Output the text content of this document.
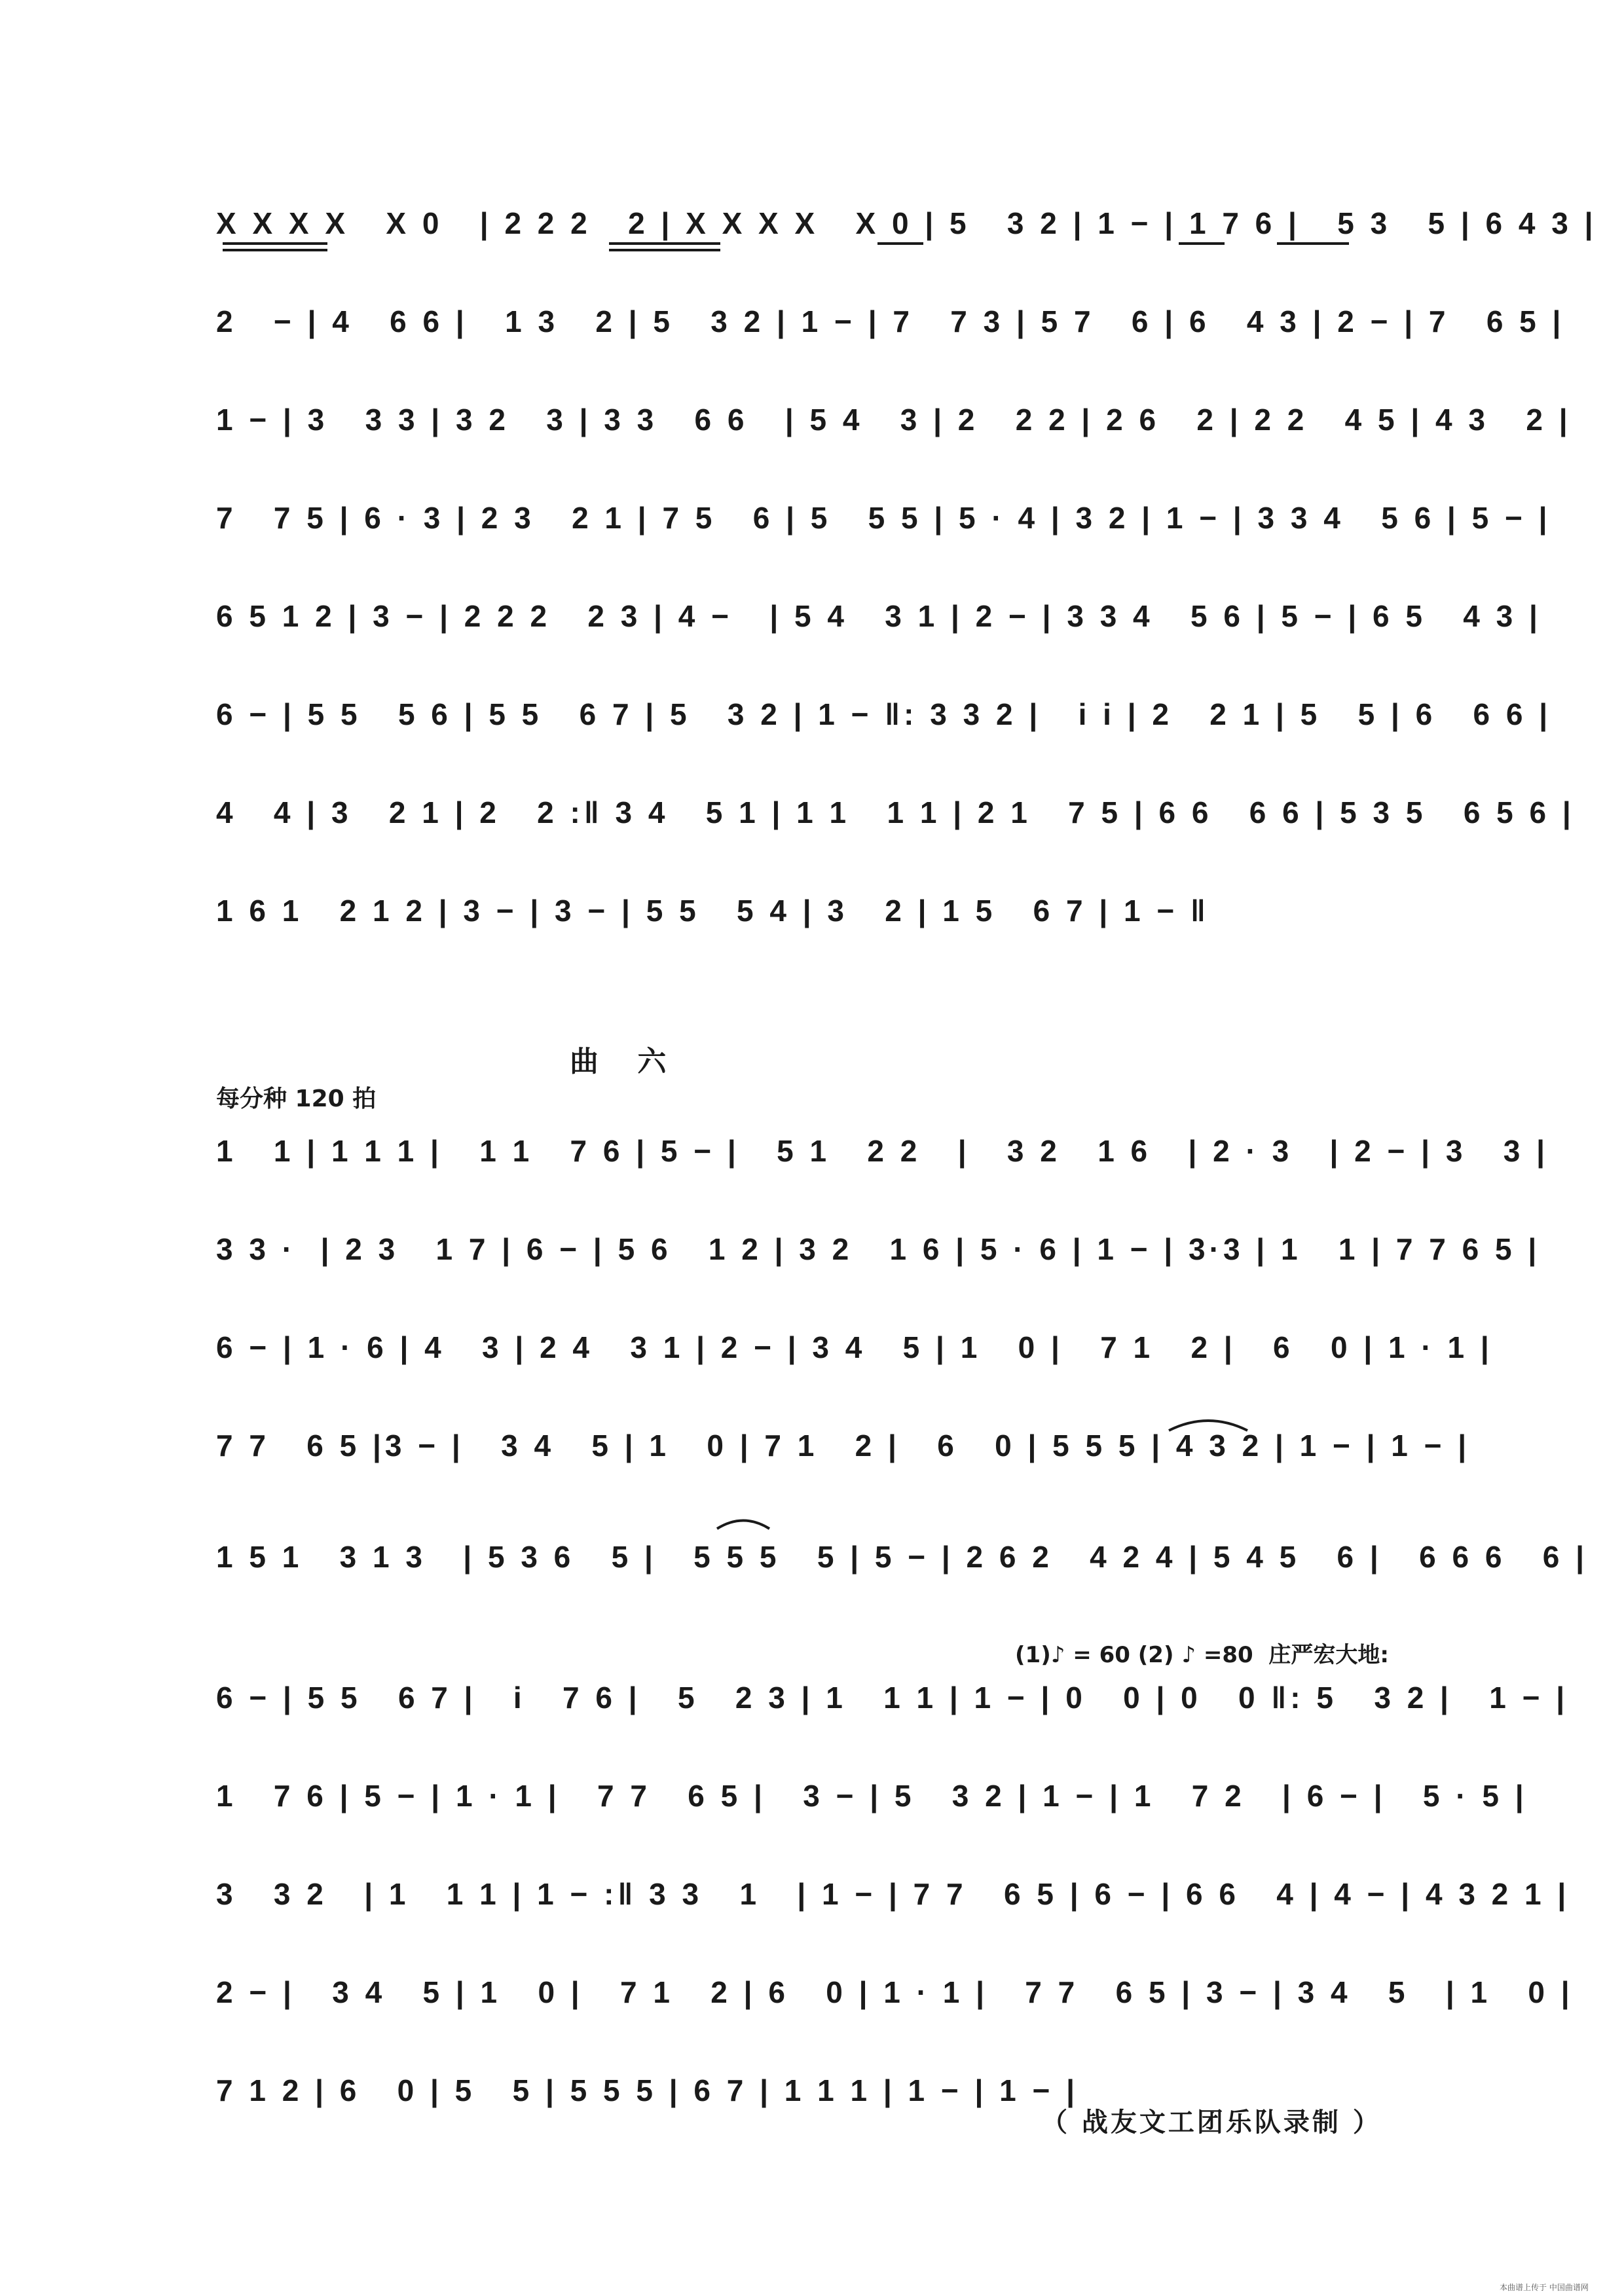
X X X X   X 0   | 2 2 2   2 | X X X X   X 0 | 5   3 2 | 1 − | 1 7 6 |   5 3   5 | 6 4 3 |
2   − | 4   6 6 |   1 3   2 | 5   3 2 | 1 − | 7   7 3 | 5 7   6 | 6   4 3 | 2 − | 7   6 5 |
1 − | 3   3 3 | 3 2   3 | 3 3   6 6   | 5 4   3 | 2   2 2 | 2 6   2 | 2 2   4 5 | 4 3   2 |
7   7 5 | 6 · 3 | 2 3   2 1 | 7 5   6 | 5   5 5 | 5 · 4 | 3 2 | 1 − | 3 3 4   5 6 | 5 − |
6 5 1 2 | 3 − | 2 2 2   2 3 | 4 −   | 5 4   3 1 | 2 − | 3 3 4   5 6 | 5 − | 6 5   4 3 |
6 − | 5 5   5 6 | 5 5   6 7 | 5   3 2 | 1 − ‖: 3 3 2 |   i i | 2   2 1 | 5   5 | 6   6 6 |
4   4 | 3   2 1 | 2   2 :‖ 3 4   5 1 | 1 1   1 1 | 2 1   7 5 | 6 6   6 6 | 5 3 5   6 5 6 |
1 6 1   2 1 2 | 3 − | 3 − | 5 5   5 4 | 3   2 | 1 5   6 7 | 1 − ‖
曲 六
每分种 120 拍
1   1 | 1 1 1 |   1 1   7 6 | 5 − |   5 1   2 2   |   3 2   1 6   | 2 · 3   | 2 − | 3   3 |
3 3 ·  | 2 3   1 7 | 6 − | 5 6   1 2 | 3 2   1 6 | 5 · 6 | 1 − | 3·3 | 1   1 | 7 7 6 5 |
6 − | 1 · 6 | 4   3 | 2 4   3 1 | 2 − | 3 4   5 | 1   0 |   7 1   2 |   6   0 | 1 · 1 |
7 7   6 5 |3 − |   3 4   5 | 1   0 | 7 1   2 |   6   0 | 5 5 5 | 4 3 2 | 1 − | 1 − |
1 5 1   3 1 3   | 5 3 6   5 |   5 5 5   5 | 5 − | 2 6 2   4 2 4 | 5 4 5   6 |   6 6 6   6 |
(1)♪ = 60 (2) ♪ =80  庄严宏大地:
6 − | 5 5   6 7 |   i   7 6 |   5   2 3 | 1   1 1 | 1 − | 0   0 | 0   0 ‖: 5   3 2 |   1 − |
1   7 6 | 5 − | 1 · 1 |   7 7   6 5 |   3 − | 5   3 2 | 1 − | 1   7 2   | 6 − |   5 · 5 |
3   3 2   | 1   1 1 | 1 − :‖ 3 3   1   | 1 − | 7 7   6 5 | 6 − | 6 6   4 | 4 − | 4 3 2 1 |
2 − |   3 4   5 | 1   0 |   7 1   2 | 6   0 | 1 · 1 |   7 7   6 5 | 3 − | 3 4   5   | 1   0 |
7 1 2 | 6   0 | 5   5 | 5 5 5 | 6 7 | 1 1 1 | 1 − | 1 − |
（ 战友文工团乐队录制 ）
本曲谱上传于 中国曲谱网
